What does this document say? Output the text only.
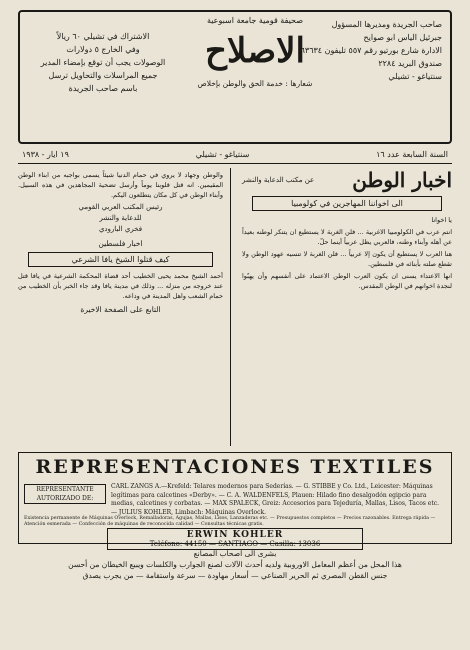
صاحب الجريدة ومديرها المسؤول
جبرئيل الياس ابو صوايح
الادارة شارع بورتيو رقم ٥٥٧ تليفون ٦٣٦٣٤
صندوق البريد ٢٢٨٤
سنتياغو - تشيلي
صحيفة قومية جامعة اسبوعية
الاصلاح
شعارها : خدمة الحق والوطن بإخلاص
الاشتراك في تشيلي ٦٠ ريالاً
وفي الخارج ٥ دولارات
الوصولات يجب أن توقع بإمضاء المدير
جميع المراسلات والتحاويل ترسل
باسم صاحب الجريدة
السنة السابعة عدد ١٦
سنتياغو - تشيلي
١٩ ايار - ١٩٣٨
اخبار الوطن
عن مكتب الدعاية والنشر
الى اخواننا المهاجرين في كولومبيا
يا اخوانا
انتم عرب في الكولومبيا الاغربية ... فلن الغربة لا يستطيع ان يتنكر لوطنه بعيداً عن أهله وأبناء وطنه، فالعربي يظل عربياً أينما حلّ.
هنا العرب لا يستطيع أن يكون إلا عربياً ... فلن الغربة لا تنسيه عهود الوطن ولا تقطع صلته بأبنائه في فلسطين.
انها الاعتداء يسنى ان يكون العرب الوطن الاعتماد على أنفسهم وأن يهبّوا لنجدة اخوانهم في الوطن المقدس.
والوطن وجهاد لا يروي في حمام الدنيا شيئاً يسمى بواجبه من ابناء الوطن المقيمين. انه قتل قلوبنا يوماً وأرسل تضحية المجاهدين في هذه السبيل. وأبناء الوطن في كل مكان يتطلعون اليكم.
رئيس المكتب العربي القومي
للدعاية والنشر
فخري البارودي
اخبار فلسطين
كيف قتلوا الشيخ يافا الشرعي
أحمد الشيخ محمد يحيى الخطيب أحد قضاة المحكمة الشرعية في يافا قتل عند خروجه من منزله ... وذلك في مدينة يافا وقد جاء الخبر بأن الخطيب من حمام الشعب واهل المدينة في وداعه.
التابع على الصفحة الاخيرة
REPRESENTACIONES TEXTILES
REPRESENTANTE AUTORIZADO DE:
CARL ZANGS A.—Krefeld: Telares modernos para Sederías. — G. STIBBE y Co. Ltd., Leicester: Máquinas legítimas para calcetines «Derby». — C. A. WALDENFELS, Plauen: Hilado fino desalgodón egipcio para medias, calcetines y corbatas. — MAX SPALECK, Greiz: Accesorios para Tejeduría, Mallas, Lisos, Tacos etc. — JULIUS KOHLER, Limbach: Máquinas Overlock.
Existencia permanente de Máquinas Overlock, Remalladoras, Agujas, Mallas, Lisos, Lanzaderas etc. — Presupuestos completos — Precios razonables. Entrega rápida — Atención esmerada — Confección de máquinas de reconocida calidad — Consultas técnicas gratis.
ERWIN KOHLER
Teléfono: 44150 — SANTIAGO — Casilla: 13036
بشرى الى اصحاب المصانع
هذا المحل من أعظم المعامل الاوروبية ولديه أحدث الآلات لصنع الجوارب والكلسات ويبيع الخيطان من أحسن
جنس القطن المصري ثم الحرير الصناعي — أسعار مهاودة — سرعة واستقامة — من يجرب يصدق
